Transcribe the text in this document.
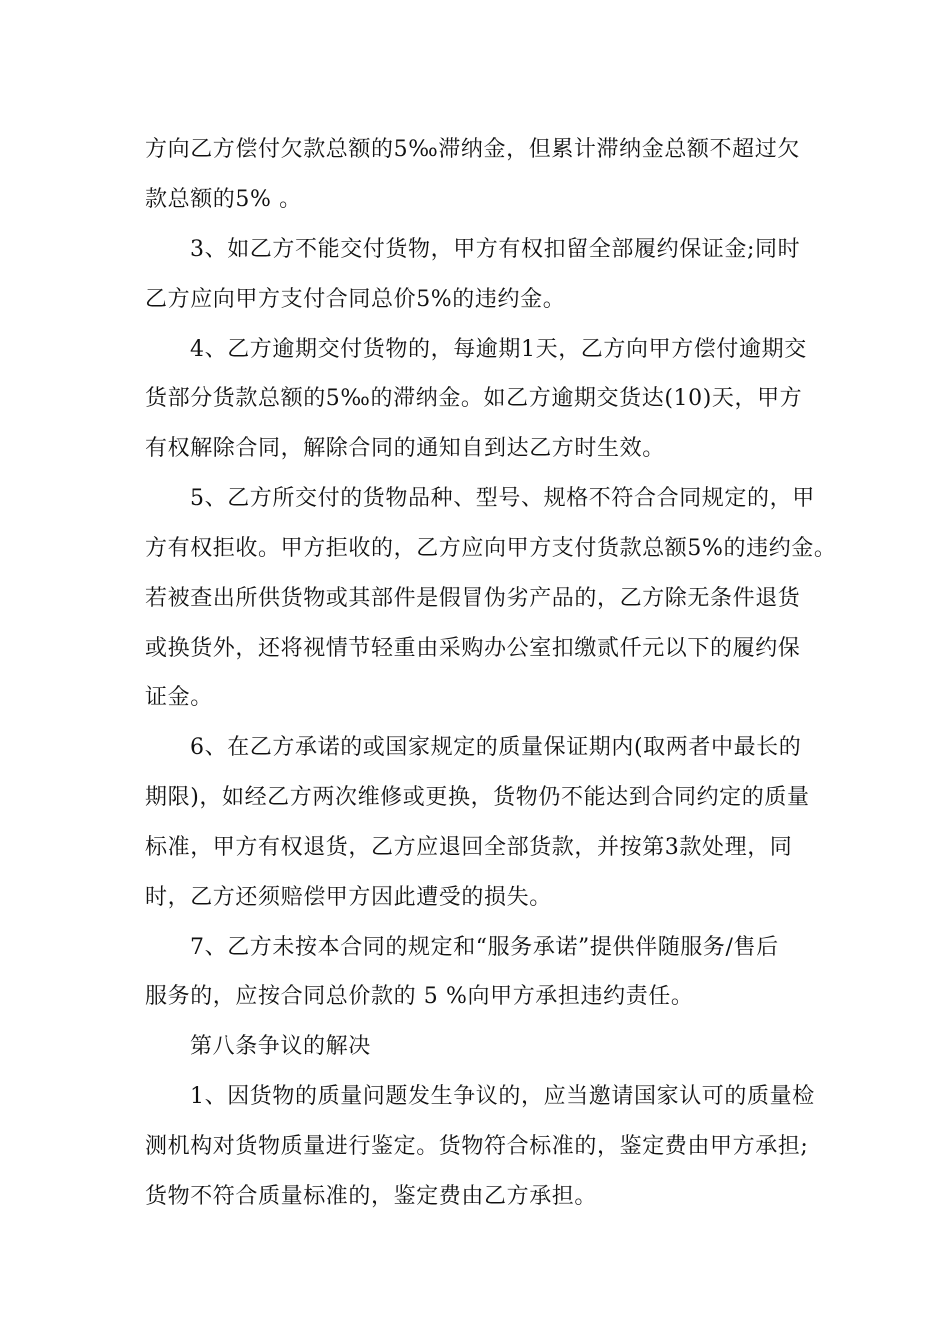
方向乙方偿付欠款总额的5‰滞纳金，但累计滞纳金总额不超过欠
款总额的5% 。
3、如乙方不能交付货物，甲方有权扣留全部履约保证金;同时
乙方应向甲方支付合同总价5%的违约金。
4、乙方逾期交付货物的，每逾期1天，乙方向甲方偿付逾期交
货部分货款总额的5‰的滞纳金。如乙方逾期交货达(10)天，甲方
有权解除合同，解除合同的通知自到达乙方时生效。
5、乙方所交付的货物品种、型号、规格不符合合同规定的，甲
方有权拒收。甲方拒收的，乙方应向甲方支付货款总额5%的违约金。
若被查出所供货物或其部件是假冒伪劣产品的，乙方除无条件退货
或换货外，还将视情节轻重由采购办公室扣缴贰仟元以下的履约保
证金。
6、在乙方承诺的或国家规定的质量保证期内(取两者中最长的
期限)，如经乙方两次维修或更换，货物仍不能达到合同约定的质量
标准，甲方有权退货，乙方应退回全部货款，并按第3款处理，同
时，乙方还须赔偿甲方因此遭受的损失。
7、乙方未按本合同的规定和“服务承诺”提供伴随服务/售后
服务的，应按合同总价款的 5 %向甲方承担违约责任。
第八条争议的解决
1、因货物的质量问题发生争议的，应当邀请国家认可的质量检
测机构对货物质量进行鉴定。货物符合标准的，鉴定费由甲方承担;
货物不符合质量标准的，鉴定费由乙方承担。
